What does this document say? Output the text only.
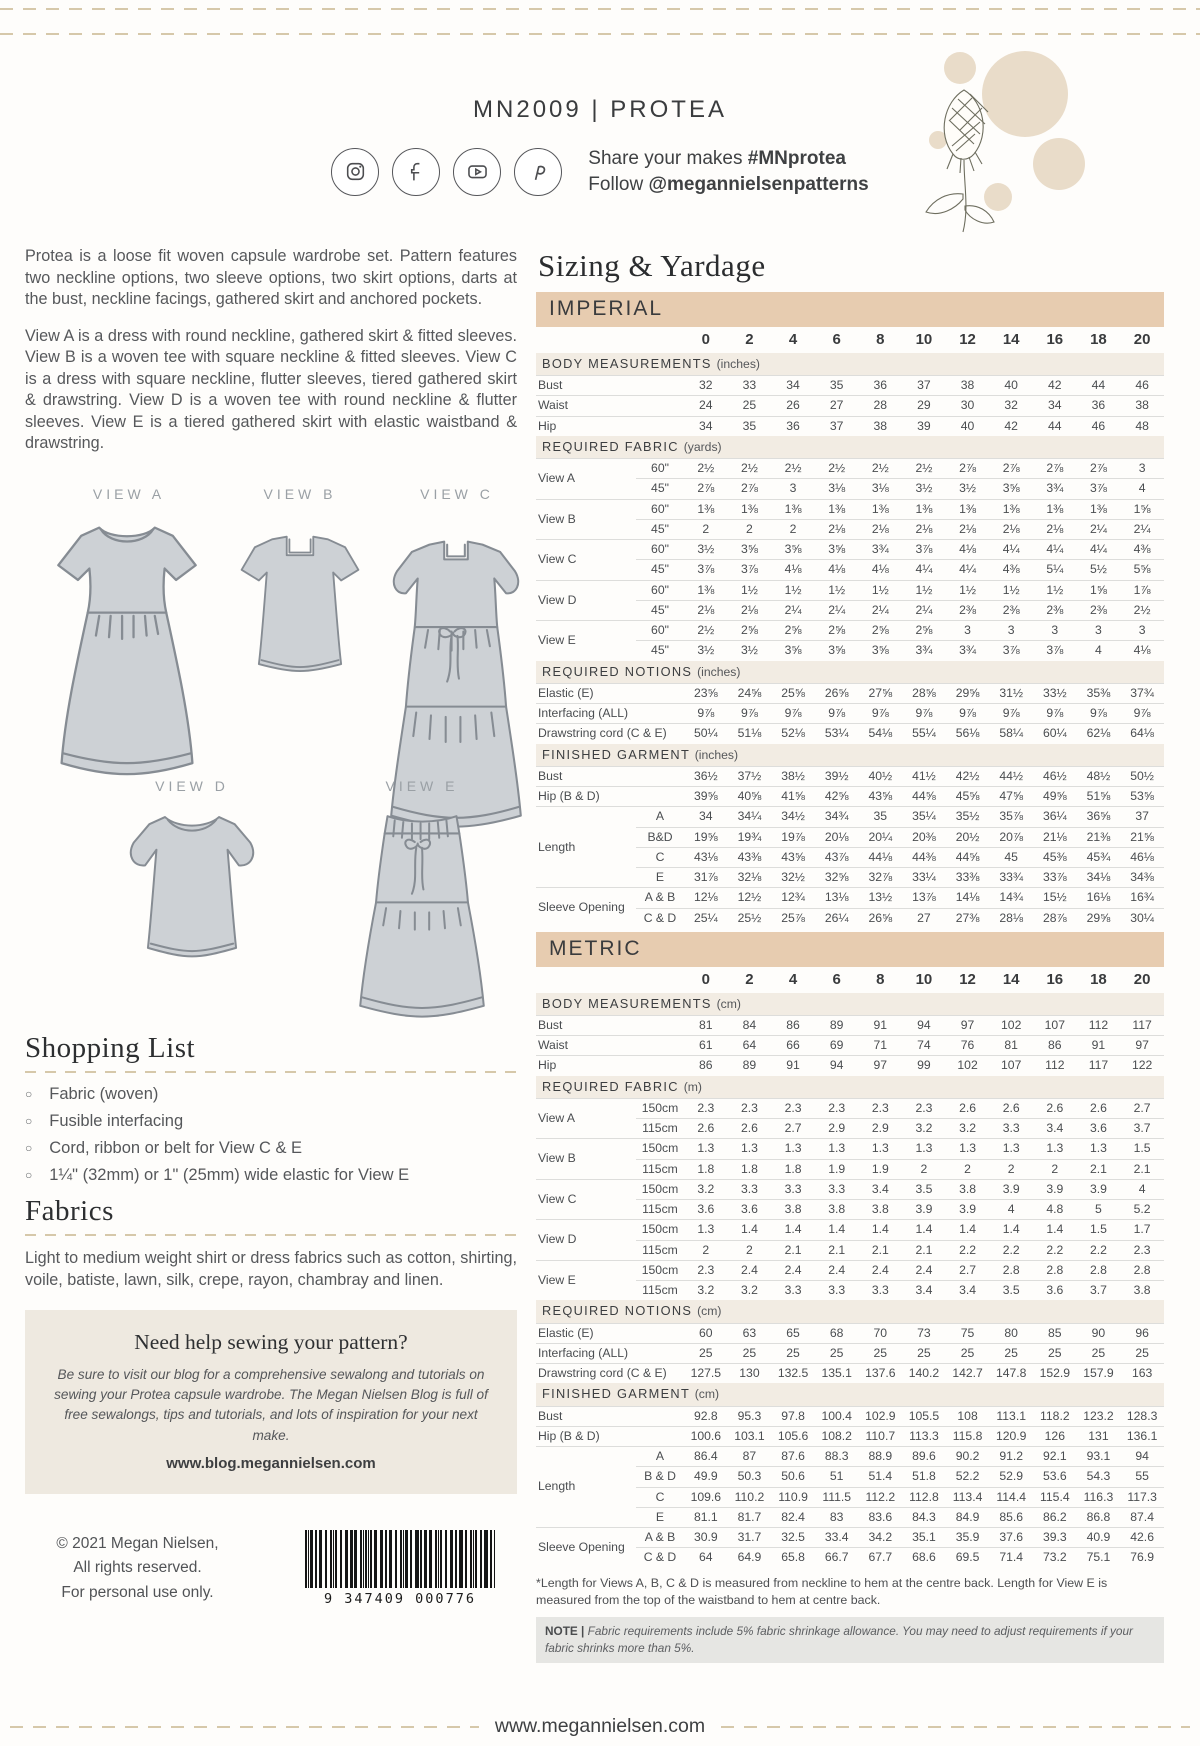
MN2009 | PROTEA
Share your makes #MNprotea
Follow @megannielsenpatterns

Protea is a loose fit woven capsule wardrobe set. Pattern features two neckline options, two sleeve options, two skirt options, darts at the bust, neckline facings, gathered skirt and anchored pockets.

View A is a dress with round neckline, gathered skirt & fitted sleeves. View B is a woven tee with square neckline & fitted sleeves. View C is a dress with square neckline, flutter sleeves, tiered gathered skirt & drawstring. View D is a woven tee with round neckline & flutter sleeves. View E is a tiered gathered skirt with elastic waistband & drawstring.

VIEW A	VIEW B	VIEW C
VIEW D	VIEW E
Shopping List
○ Fabric (woven)
○ Fusible interfacing
○ Cord, ribbon or belt for View C & E
○ 1¼" (32mm) or 1" (25mm) wide elastic for View E
Fabrics

Light to medium weight shirt or dress fabrics such as cotton, shirting, voile, batiste, lawn, silk, crepe, rayon, chambray and linen.

Need help sewing your pattern?

Be sure to visit our blog for a comprehensive sewalong and tutorials on sewing your Protea capsule wardrobe. The Megan Nielsen Blog is full of free sewalongs, tips and tutorials, and lots of inspiration for your next make.

www.blog.megannielsen.com
© 2021 Megan Nielsen,
All rights reserved.
For personal use only.	9 347409 000776
Sizing & Yardage
IMPERIAL
		0	2	4	6	8	10	12	14	16	18	20
BODY MEASUREMENTS (inches)												
Bust		32	33	34	35	36	37	38	40	42	44	46
Waist		24	25	26	27	28	29	30	32	34	36	38
Hip		34	35	36	37	38	39	40	42	44	46	48
REQUIRED FABRIC (yards)												
View A	60"	2½	2½	2½	2½	2½	2½	2⅞	2⅞	2⅞	2⅞	3
	45"	2⅞	2⅞	3	3⅛	3⅛	3½	3½	3⅝	3¾	3⅞	4
View B	60"	1⅜	1⅜	1⅜	1⅜	1⅜	1⅜	1⅜	1⅜	1⅜	1⅜	1⅝
	45"	2	2	2	2⅛	2⅛	2⅛	2⅛	2⅛	2⅛	2¼	2¼
View C	60"	3½	3⅝	3⅝	3⅝	3¾	3⅞	4⅛	4¼	4¼	4¼	4⅜
	45"	3⅞	3⅞	4⅛	4⅛	4⅛	4¼	4¼	4⅜	5¼	5½	5⅝
View D	60"	1⅜	1½	1½	1½	1½	1½	1½	1½	1½	1⅝	1⅞
	45"	2⅛	2⅛	2¼	2¼	2¼	2¼	2⅜	2⅜	2⅜	2⅜	2½
View E	60"	2½	2⅝	2⅝	2⅝	2⅝	2⅝	3	3	3	3	3
	45"	3½	3½	3⅝	3⅝	3⅝	3¾	3¾	3⅞	3⅞	4	4⅛
REQUIRED NOTIONS (inches)												
Elastic (E)		23⅝	24⅝	25⅝	26⅝	27⅝	28⅝	29⅝	31½	33½	35⅜	37¾
Interfacing (ALL)		9⅞	9⅞	9⅞	9⅞	9⅞	9⅞	9⅞	9⅞	9⅞	9⅞	9⅞
Drawstring cord (C & E)		50¼	51⅛	52⅛	53¼	54⅛	55¼	56⅛	58¼	60¼	62⅛	64⅛
FINISHED GARMENT (inches)												
Bust		36½	37½	38½	39½	40½	41½	42½	44½	46½	48½	50½
Hip (B & D)		39⅝	40⅝	41⅝	42⅝	43⅝	44⅝	45⅝	47⅝	49⅝	51⅝	53⅝
Length	A	34	34¼	34½	34¾	35	35¼	35½	35⅞	36¼	36⅝	37
	B&D	19⅝	19¾	19⅞	20⅛	20¼	20⅜	20½	20⅞	21⅛	21⅜	21⅝
	C	43⅛	43⅜	43⅝	43⅞	44⅛	44⅜	44⅝	45	45⅜	45¾	46⅛
	E	31⅞	32⅛	32½	32⅝	32⅞	33¼	33⅜	33¾	33⅞	34⅛	34⅜
Sleeve Opening	A & B	12⅛	12½	12¾	13⅛	13½	13⅞	14⅛	14¾	15½	16⅛	16¾
	C & D	25¼	25½	25⅞	26¼	26⅝	27	27⅜	28⅛	28⅞	29⅝	30¼
METRIC
		0	2	4	6	8	10	12	14	16	18	20
BODY MEASUREMENTS (cm)												
Bust		81	84	86	89	91	94	97	102	107	112	117
Waist		61	64	66	69	71	74	76	81	86	91	97
Hip		86	89	91	94	97	99	102	107	112	117	122
REQUIRED FABRIC (m)												
View A	150cm	2.3	2.3	2.3	2.3	2.3	2.3	2.6	2.6	2.6	2.6	2.7
	115cm	2.6	2.6	2.7	2.9	2.9	3.2	3.2	3.3	3.4	3.6	3.7
View B	150cm	1.3	1.3	1.3	1.3	1.3	1.3	1.3	1.3	1.3	1.3	1.5
	115cm	1.8	1.8	1.8	1.9	1.9	2	2	2	2	2.1	2.1
View C	150cm	3.2	3.3	3.3	3.3	3.4	3.5	3.8	3.9	3.9	3.9	4
	115cm	3.6	3.6	3.8	3.8	3.8	3.9	3.9	4	4.8	5	5.2
View D	150cm	1.3	1.4	1.4	1.4	1.4	1.4	1.4	1.4	1.4	1.5	1.7
	115cm	2	2	2.1	2.1	2.1	2.1	2.2	2.2	2.2	2.2	2.3
View E	150cm	2.3	2.4	2.4	2.4	2.4	2.4	2.7	2.8	2.8	2.8	2.8
	115cm	3.2	3.2	3.3	3.3	3.3	3.4	3.4	3.5	3.6	3.7	3.8
REQUIRED NOTIONS (cm)												
Elastic (E)		60	63	65	68	70	73	75	80	85	90	96
Interfacing (ALL)		25	25	25	25	25	25	25	25	25	25	25
Drawstring cord (C & E)		127.5	130	132.5	135.1	137.6	140.2	142.7	147.8	152.9	157.9	163
FINISHED GARMENT (cm)												
Bust		92.8	95.3	97.8	100.4	102.9	105.5	108	113.1	118.2	123.2	128.3
Hip (B & D)		100.6	103.1	105.6	108.2	110.7	113.3	115.8	120.9	126	131	136.1
Length	A	86.4	87	87.6	88.3	88.9	89.6	90.2	91.2	92.1	93.1	94
	B & D	49.9	50.3	50.6	51	51.4	51.8	52.2	52.9	53.6	54.3	55
	C	109.6	110.2	110.9	111.5	112.2	112.8	113.4	114.4	115.4	116.3	117.3
	E	81.1	81.7	82.4	83	83.6	84.3	84.9	85.6	86.2	86.8	87.4
Sleeve Opening	A & B	30.9	31.7	32.5	33.4	34.2	35.1	35.9	37.6	39.3	40.9	42.6
	C & D	64	64.9	65.8	66.7	67.7	68.6	69.5	71.4	73.2	75.1	76.9
*Length for Views A, B, C & D is measured from neckline to hem at the centre back. Length for View E is measured from the top of the waistband to hem at centre back.
NOTE | Fabric requirements include 5% fabric shrinkage allowance. You may need to adjust requirements if your fabric shrinks more than 5%.
www.megannielsen.com
